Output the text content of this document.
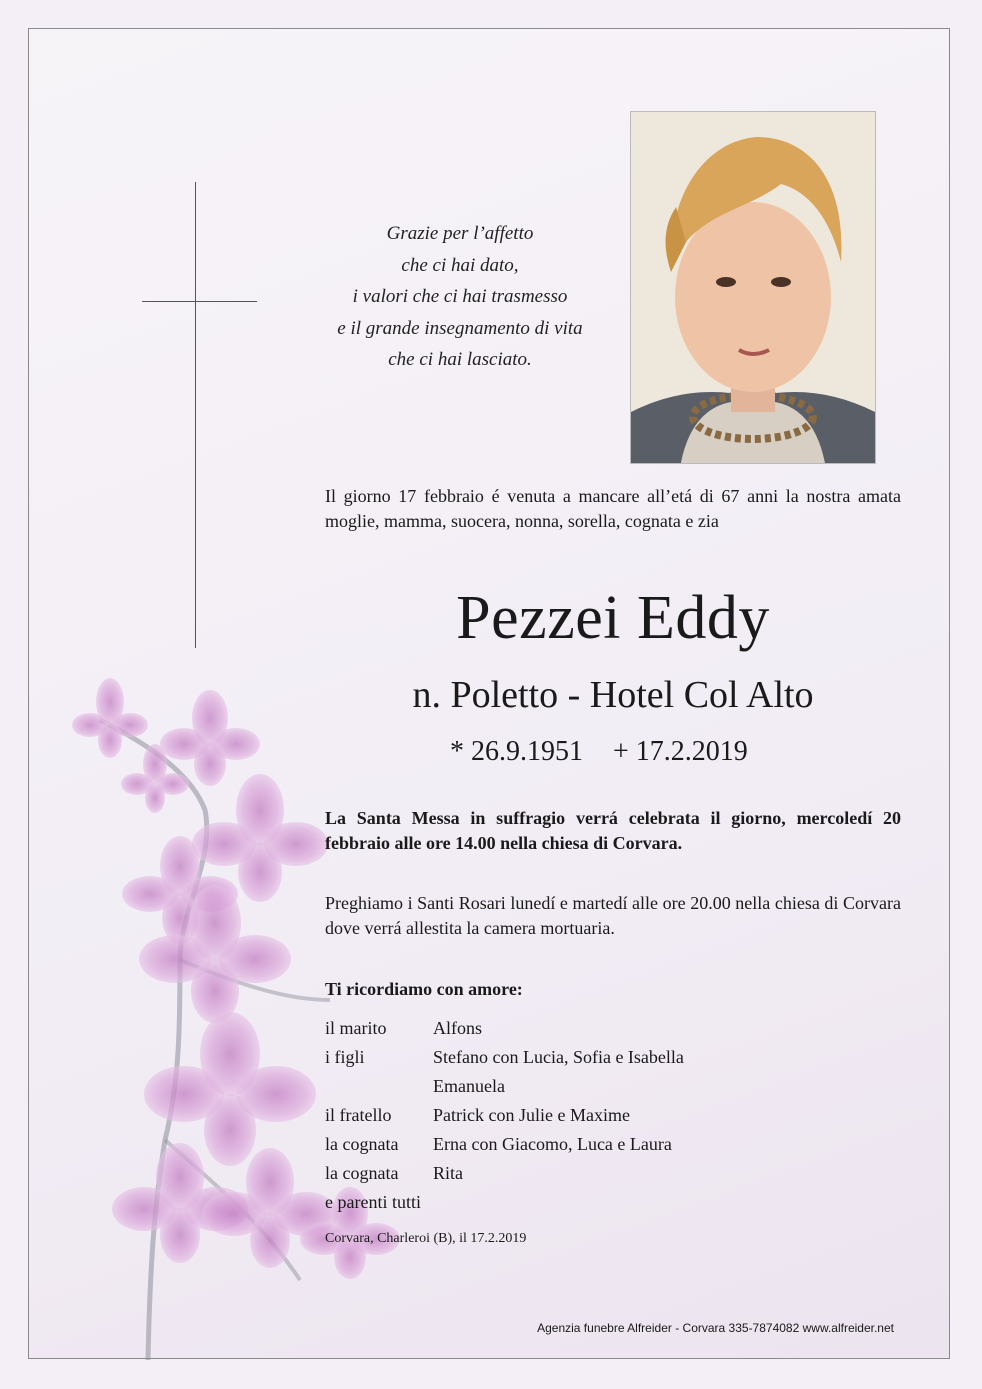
Grazie per l’affetto
che ci hai dato,
i valori che ci hai trasmesso
e il grande insegnamento di vita
che ci hai lasciato.
Il giorno 17 febbraio é venuta a mancare all’etá di 67 anni la nostra amata moglie, mamma, suocera, nonna, sorella, cognata e zia
Pezzei Eddy
n. Poletto - Hotel Col Alto
* 26.9.1951 + 17.2.2019
La Santa Messa in suffragio verrá celebrata il giorno, mercoledí 20 febbraio alle ore 14.00 nella chiesa di Corvara.
Preghiamo i Santi Rosari lunedí e martedí alle ore 20.00 nella chiesa di Corvara dove verrá allestita la camera mortuaria.
Ti ricordiamo con amore:
il marito	Alfons
i figli	Stefano con Lucia, Sofia e Isabella
Emanuela
il fratello Patrick con Julie e Maxime
la cognata Erna con Giacomo, Luca e Laura
la cognata Rita
e parenti tutti
Corvara, Charleroi (B), il 17.2.2019
Agenzia funebre Alfreider - Corvara 335-7874082 www.alfreider.net
